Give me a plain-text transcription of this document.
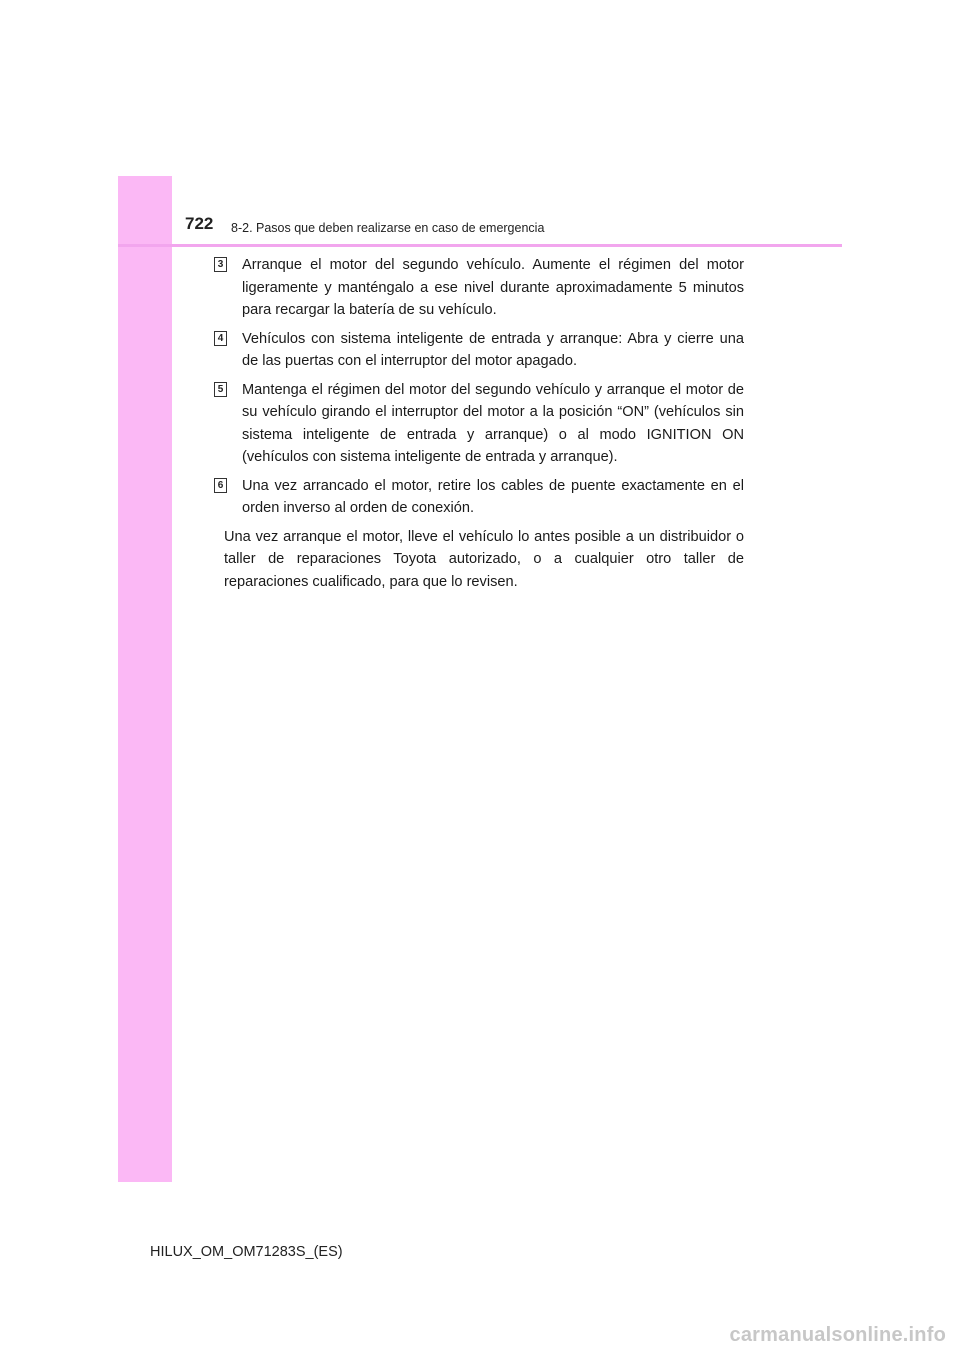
722 8-2. Pasos que deben realizarse en caso de emergencia
3 Arranque el motor del segundo vehículo. Aumente el régimen del motor ligeramente y manténgalo a ese nivel durante aproximadamente 5 minutos para recargar la batería de su vehículo.

4 Vehículos con sistema inteligente de entrada y arranque: Abra y cierre una de las puertas con el interruptor del motor apagado.

5 Mantenga el régimen del motor del segundo vehículo y arranque el motor de su vehículo girando el interruptor del motor a la posición “ON” (vehículos sin sistema inteligente de entrada y arranque) o al modo IGNITION ON (vehículos con sistema inteligente de entrada y arranque).

6 Una vez arrancado el motor, retire los cables de puente exactamente en el orden inverso al orden de conexión.

Una vez arranque el motor, lleve el vehículo lo antes posible a un distribuidor o taller de reparaciones Toyota autorizado, o a cualquier otro taller de reparaciones cualificado, para que lo revisen.

HILUX_OM_OM71283S_(ES)
carmanualsonline.info
